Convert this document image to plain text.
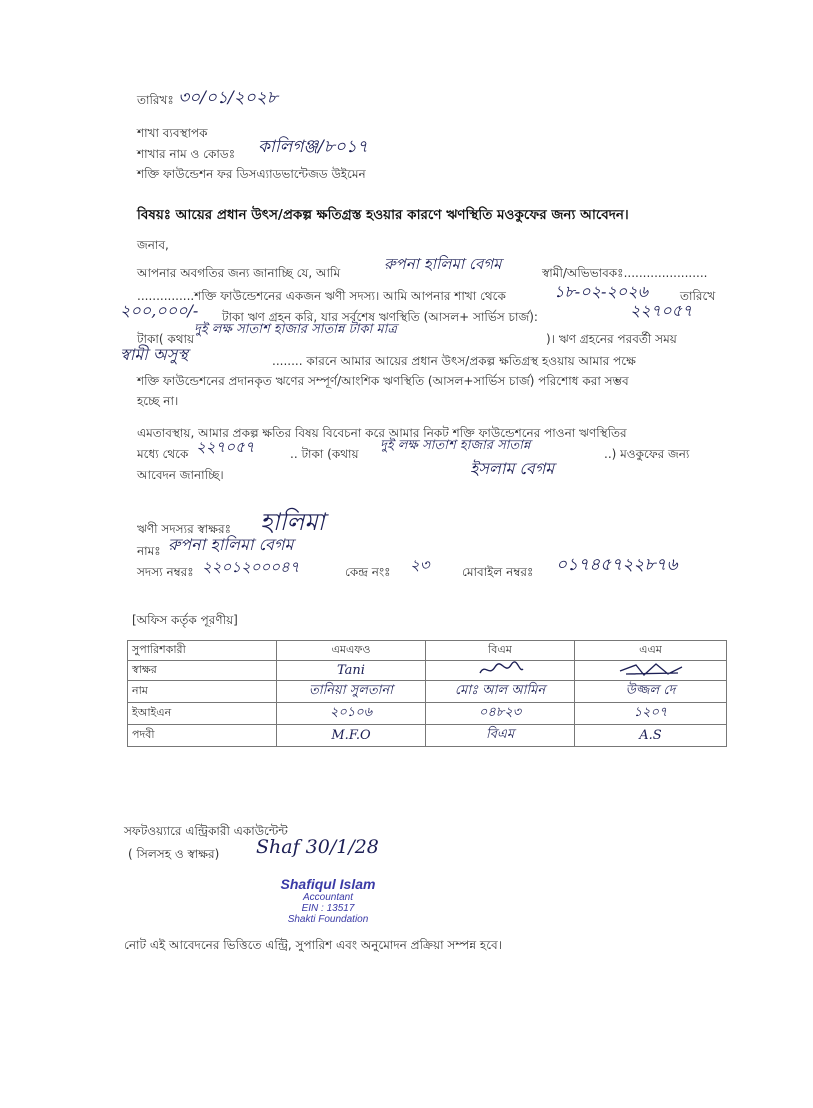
তারিখঃ ৩০/০১/২০২৮
শাখা ব্যবস্থাপক
শাখার নাম ও কোডঃ কালিগঞ্জ/৮০১৭
শক্তি ফাউন্ডেশন ফর ডিসএ্যাডভান্টেজড উইমেন
বিষয়ঃ আয়ের প্রধান উৎস/প্রকল্প ক্ষতিগ্রস্ত হওয়ার কারণে ঋণস্থিতি মওকুফের জন্য আবেদন।
জনাব,
আপনার অবগতির জন্য জানাচ্ছি যে, আমি	রুপনা হালিমা বেগম	স্বামী/অভিভাবকঃ......................
...............শক্তি ফাউন্ডেশনের একজন ঋণী সদস্য। আমি আপনার শাখা থেকে	১৮-০২-২০২৬	তারিখে
২০০,০০০/- টাকা ঋণ গ্রহন করি, যার সর্বশেষ ঋণস্থিতি (আসল+ সার্ভিস চার্জ):	২২৭০৫৭
টাকা( কথায়
দুই লক্ষ সাতাশ হাজার সাতান্ন টাকা মাত্র
)। ঋণ গ্রহনের পরবর্তী সময়
স্বামী অসুস্থ	........ কারনে আমার আয়ের প্রধান উৎস/প্রকল্প ক্ষতিগ্রস্থ হওয়ায় আমার পক্ষে
শক্তি ফাউন্ডেশনের প্রদানকৃত ঋণের সম্পূর্ণ/আংশিক ঋণস্থিতি (আসল+সার্ভিস চার্জ) পরিশোধ করা সম্ভব
হচ্ছে না।
এমতাবস্থায়, আমার প্রকল্প ক্ষতির বিষয় বিবেচনা করে আমার নিকট শক্তি ফাউন্ডেশনের পাওনা ঋণস্থিতির
মধ্যে থেকে ২২৭০৫৭	.. টাকা (কথায়
দুই লক্ষ সাতাশ হাজার সাতান্ন
..) মওকুফের জন্য
আবেদন জানাচ্ছি।	ইসলাম বেগম
ঋণী সদস্যর স্বাক্ষরঃ হালিমা
নামঃ রুপনা হালিমা বেগম
সদস্য নম্বরঃ ২২০১২০০০৪৭	কেন্দ্র নংঃ ২৩	মোবাইল নম্বরঃ ০১৭৪৫৭২২৮৭৬
[অফিস কর্তৃক পূরণীয়]
সুপারিশকারী	এমএফও	বিএম	এএম
স্বাক্ষর	Tani		
নাম	তানিয়া সুলতানা	মোঃ আল আমিন	উজ্জল দে
ইআইএন	২০১০৬	০৪৮২৩	১২০৭
পদবী	M.F.O	বিএম	A.S
সফটওয়্যারে এন্ট্রিকারী একাউন্টেন্ট
( সিলসহ ও স্বাক্ষর) Shaf 30/1/28
Shafiqul Islam
Accountant
EIN : 13517
Shakti Foundation
নোট এই আবেদনের ভিত্তিতে এন্ট্রি, সুপারিশ এবং অনুমোদন প্রক্রিয়া সম্পন্ন হবে।
